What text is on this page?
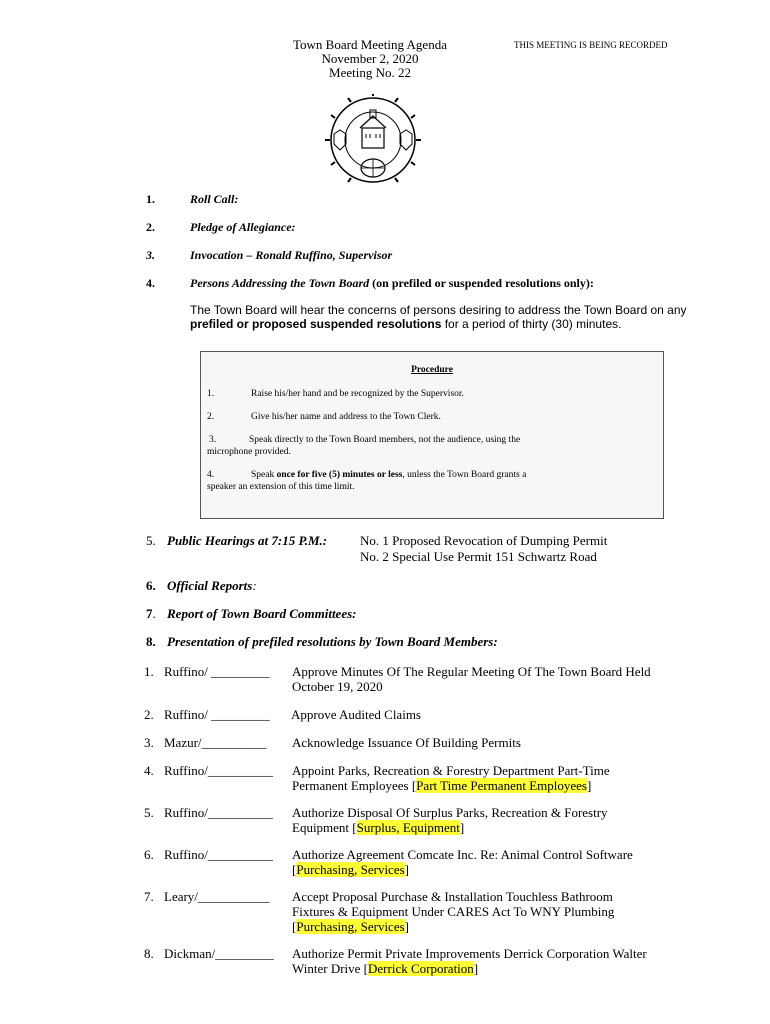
Town Board Meeting Agenda
November 2, 2020
Meeting No. 22
THIS MEETING IS BEING RECORDED
1.	Roll Call:
2.	Pledge of Allegiance:
3.	Invocation – Ronald Ruffino, Supervisor
4.	Persons Addressing the Town Board (on prefiled or suspended resolutions only):
The Town Board will hear the concerns of persons desiring to address the Town Board on any prefiled or proposed suspended resolutions for a period of thirty (30) minutes.
Procedure
1.	Raise his/her hand and be recognized by the Supervisor.
2.	Give his/her name and address to the Town Clerk.
3.	Speak directly to the Town Board members, not the audience, using the
microphone provided.
4.	Speak once for five (5) minutes or less, unless the Town Board grants a
speaker an extension of this time limit.
5. Public Hearings at 7:15 P.M.:	No. 1 Proposed Revocation of Dumping Permit
No. 2 Special Use Permit 151 Schwartz Road
6. Official Reports:
7. Report of Town Board Committees:
8. Presentation of prefiled resolutions by Town Board Members:
1. Ruffino/ _________ Approve Minutes Of The Regular Meeting Of The Town Board Held
October 19, 2020
2. Ruffino/ _________ Approve Audited Claims
3. Mazur/__________ Acknowledge Issuance Of Building Permits
4. Ruffino/__________ Appoint Parks, Recreation & Forestry Department Part-Time
Permanent Employees [Part Time Permanent Employees]
5. Ruffino/__________ Authorize Disposal Of Surplus Parks, Recreation & Forestry
Equipment [Surplus, Equipment]
6. Ruffino/__________ Authorize Agreement Comcate Inc. Re: Animal Control Software
[Purchasing, Services]
7. Leary/___________ Accept Proposal Purchase & Installation Touchless Bathroom
Fixtures & Equipment Under CARES Act To WNY Plumbing
[Purchasing, Services]
8. Dickman/_________ Authorize Permit Private Improvements Derrick Corporation Walter
Winter Drive [Derrick Corporation]
